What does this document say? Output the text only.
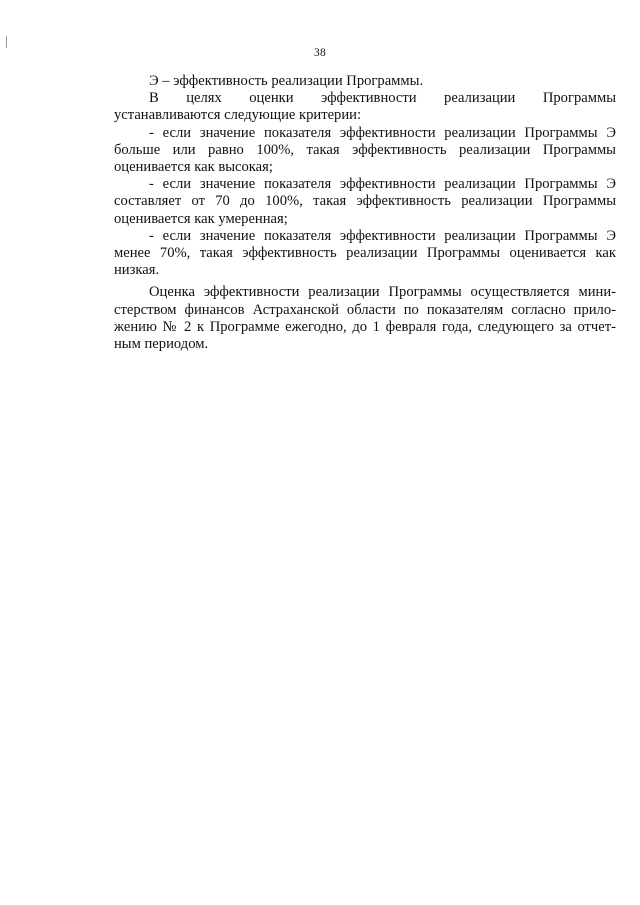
38
Э – эффективность реализации Программы.
В целях оценки эффективности реализации Программы
устанавливаются следующие критерии:
- если значение показателя эффективности реализации Программы Э
больше или равно 100%, такая эффективность реализации Программы
оценивается как высокая;
- если значение показателя эффективности реализации Программы Э
составляет от 70 до 100%, такая эффективность реализации Программы
оценивается как умеренная;
- если значение показателя эффективности реализации Программы Э
менее 70%, такая эффективность реализации Программы оценивается как
низкая.
Оценка эффективности реализации Программы осуществляется мини-
стерством финансов Астраханской области по показателям согласно прило-
жению № 2 к Программе ежегодно, до 1 февраля года, следующего за отчет-
ным периодом.
